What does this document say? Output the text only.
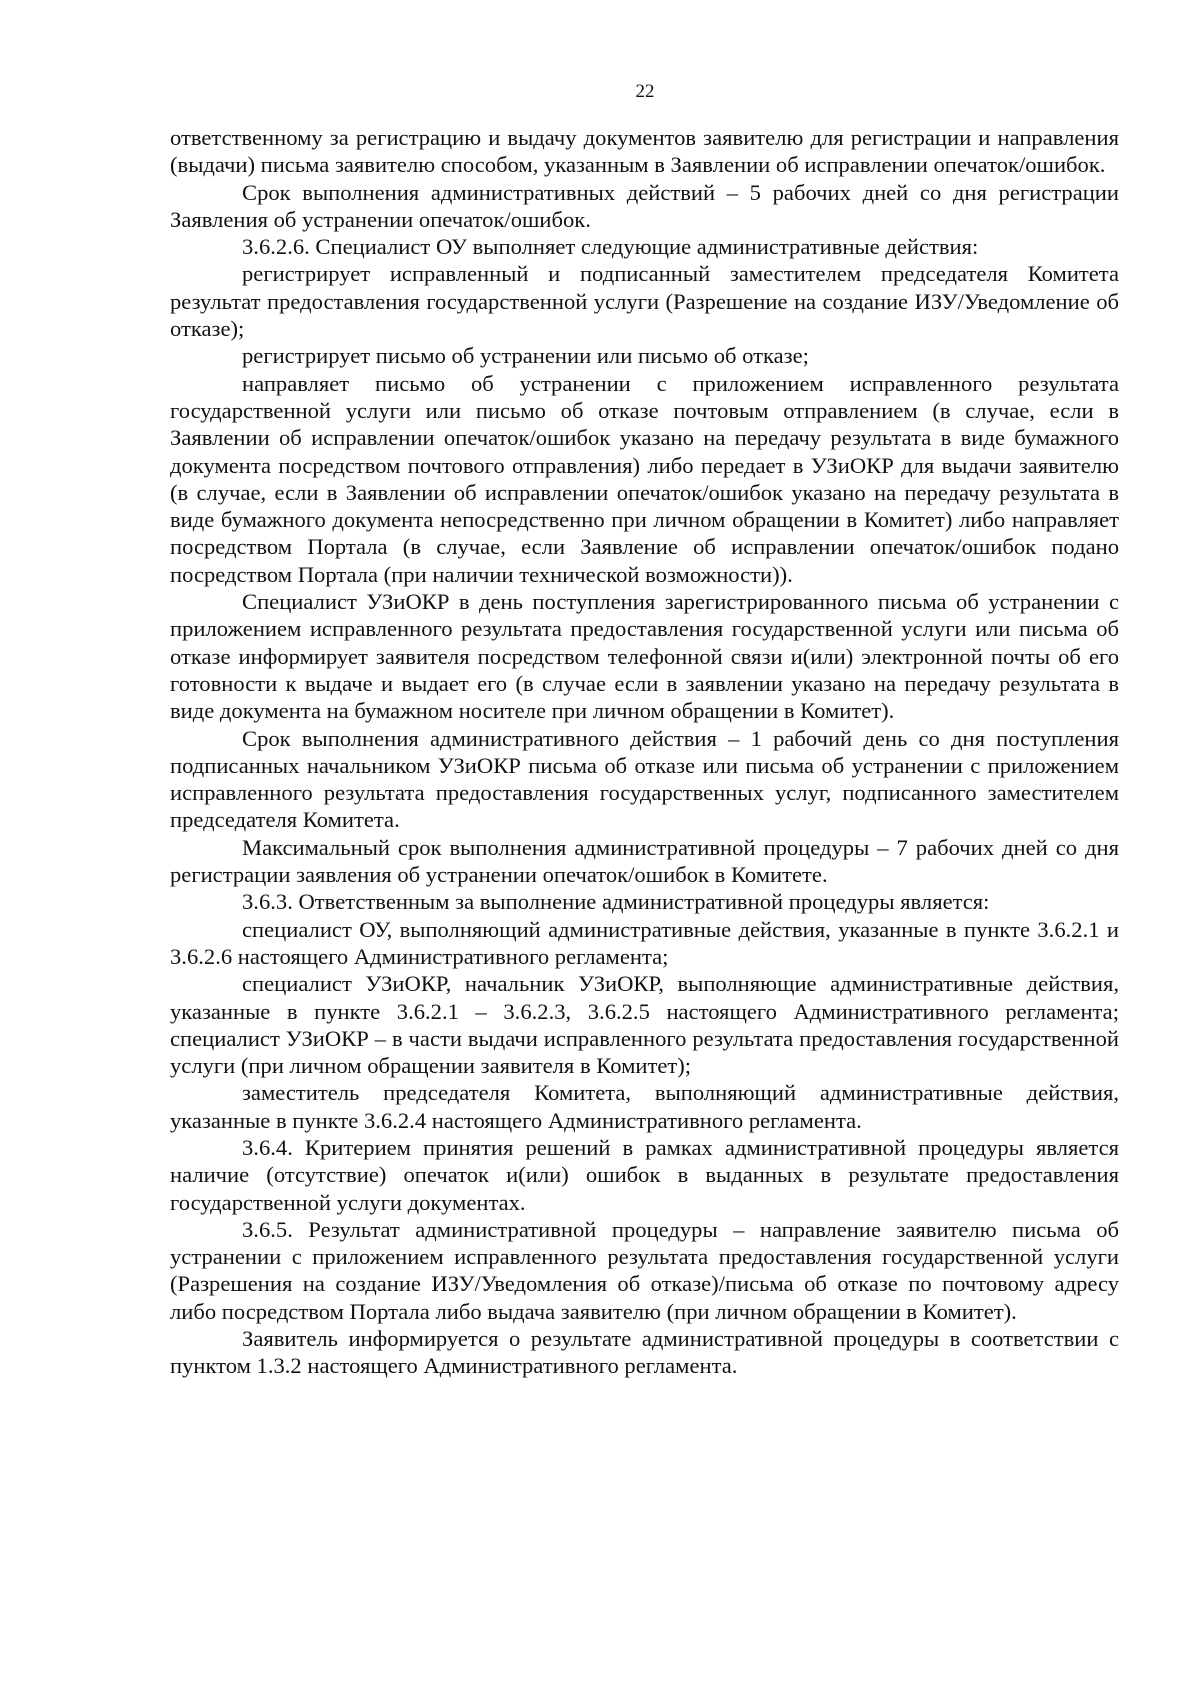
22

ответственному за регистрацию и выдачу документов заявителю для регистрации и направления (выдачи) письма заявителю способом, указанным в Заявлении об исправлении опечаток/ошибок.

Срок выполнения административных действий – 5 рабочих дней со дня регистрации Заявления об устранении опечаток/ошибок.

3.6.2.6. Специалист ОУ выполняет следующие административные действия:

регистрирует исправленный и подписанный заместителем председателя Комитета результат предоставления государственной услуги (Разрешение на создание ИЗУ/Уведомление об отказе);

регистрирует письмо об устранении или письмо об отказе;

направляет письмо об устранении с приложением исправленного результата государственной услуги или письмо об отказе почтовым отправлением (в случае, если в Заявлении об исправлении опечаток/ошибок указано на передачу результата в виде бумажного документа посредством почтового отправления) либо передает в УЗиОКР для выдачи заявителю (в случае, если в Заявлении об исправлении опечаток/ошибок указано на передачу результата в виде бумажного документа непосредственно при личном обращении в Комитет) либо направляет посредством Портала (в случае, если Заявление об исправлении опечаток/ошибок подано посредством Портала (при наличии технической возможности)).

Специалист УЗиОКР в день поступления зарегистрированного письма об устранении с приложением исправленного результата предоставления государственной услуги или письма об отказе информирует заявителя посредством телефонной связи и(или) электронной почты об его готовности к выдаче и выдает его (в случае если в заявлении указано на передачу результата в виде документа на бумажном носителе при личном обращении в Комитет).

Срок выполнения административного действия – 1 рабочий день со дня поступления подписанных начальником УЗиОКР письма об отказе или письма об устранении с приложением исправленного результата предоставления государственных услуг, подписанного заместителем председателя Комитета.

Максимальный срок выполнения административной процедуры – 7 рабочих дней со дня регистрации заявления об устранении опечаток/ошибок в Комитете.

3.6.3. Ответственным за выполнение административной процедуры является:

специалист ОУ, выполняющий административные действия, указанные в пункте 3.6.2.1 и 3.6.2.6 настоящего Административного регламента;

специалист УЗиОКР, начальник УЗиОКР, выполняющие административные действия, указанные в пункте 3.6.2.1 – 3.6.2.3, 3.6.2.5 настоящего Административного регламента; специалист УЗиОКР – в части выдачи исправленного результата предоставления государственной услуги (при личном обращении заявителя в Комитет);

заместитель председателя Комитета, выполняющий административные действия, указанные в пункте 3.6.2.4 настоящего Административного регламента.

3.6.4. Критерием принятия решений в рамках административной процедуры является наличие (отсутствие) опечаток и(или) ошибок в выданных в результате предоставления государственной услуги документах.

3.6.5. Результат административной процедуры – направление заявителю письма об устранении с приложением исправленного результата предоставления государственной услуги (Разрешения на создание ИЗУ/Уведомления об отказе)/письма об отказе по почтовому адресу либо посредством Портала либо выдача заявителю (при личном обращении в Комитет).

Заявитель информируется о результате административной процедуры в соответствии с пунктом 1.3.2 настоящего Административного регламента.
